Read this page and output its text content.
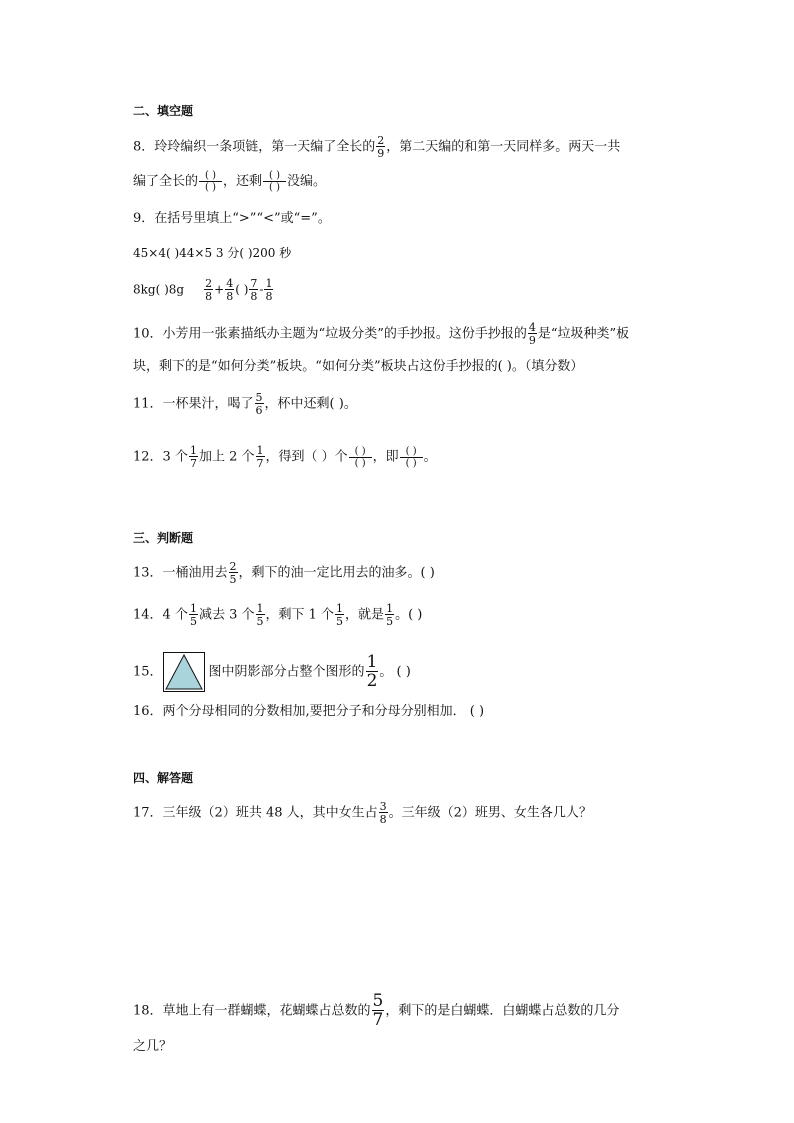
二、填空题
8．玲玲编织一条项链，第一天编了全长的 $\frac{2}{9}$ ，第二天编的和第一天同样多。两天一共
编了全长的 $\frac{( )}{( )}$ ，还剩 $\frac{( )}{( )}$ 没编。
9．在括号里填上“>”“<”或“=”。
45×4( )44×5 3 分( )200 秒
8kg( )$8g \frac{2}{8} + \frac{4}{8}$ ( ) $\frac{7}{8} - \frac{1}{8}$
10．小芳用一张素描纸办主题为“垃圾分类”的手抄报。这份手抄报的 $\frac{4}{9}$ 是“垃圾种类”板
块，剩下的是“如何分类”板块。“如何分类”板块占这份手抄报的( )。（填分数）
11．一杯果汁，喝了 $\frac{5}{6}$ ，杯中还剩( )。
12．3 个 $\frac{1}{7}$ 加上 2 个 $\frac{1}{7}$ ，得到（ ）个 $\frac{( )}{( )}$ ，即 $\frac{( )}{( )}$ 。
三、判断题
13．一桶油用去 $\frac{2}{5}$ ，剩下的油一定比用去的油多。( )
14．4 个 $\frac{1}{5}$ 减去 3 个 $\frac{1}{5}$ ，剩下 1 个 $\frac{1}{5}$ ，就是 $\frac{1}{5}$ 。( )
15．	图中阴影部分占整个图形的 $\frac{1}{2}$ 。 ( )
16．两个分母相同的分数相加,要把分子和分母分别相加． ( )
四、解答题
17．三年级（2）班共 48 人，其中女生占 $\frac{3}{8}$ 。三年级（2）班男、女生各几人？
18．草地上有一群蝴蝶，花蝴蝶占总数的 $\frac{5}{7}$ ，剩下的是白蝴蝶．白蝴蝶占总数的几分
之几？
